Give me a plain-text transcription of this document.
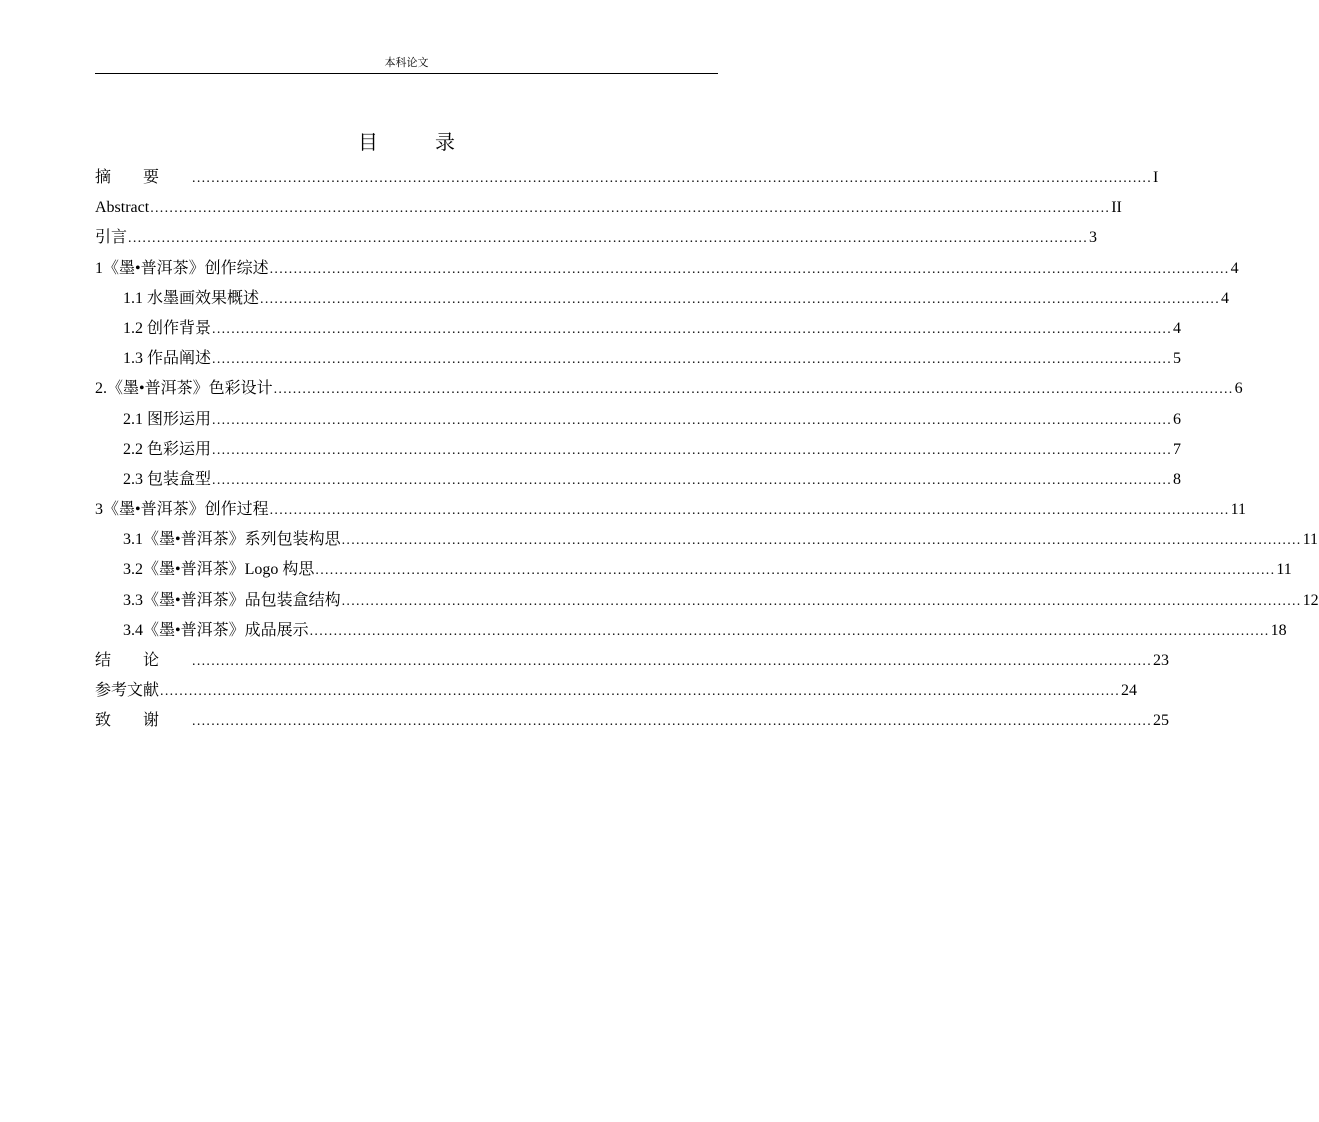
本科论文
目 录
摘要 ........................................................................................................................................................................................................ I
Abstract ........................................................................................................................................................................................................ II
引言 ........................................................................................................................................................................................................ 3
1《墨•普洱茶》创作综述 ........................................................................................................................................................................................................ 4
1.1 水墨画效果概述 ........................................................................................................................................................................................................ 4
1.2 创作背景 ........................................................................................................................................................................................................ 4
1.3 作品阐述 ........................................................................................................................................................................................................ 5
2.《墨•普洱茶》色彩设计 ........................................................................................................................................................................................................ 6
2.1 图形运用 ........................................................................................................................................................................................................ 6
2.2 色彩运用 ........................................................................................................................................................................................................ 7
2.3 包装盒型 ........................................................................................................................................................................................................ 8
3《墨•普洱茶》创作过程 ........................................................................................................................................................................................................ 11
3.1《墨•普洱茶》系列包装构思 ........................................................................................................................................................................................................ 11
3.2《墨•普洱茶》Logo 构思 ........................................................................................................................................................................................................ 11
3.3《墨•普洱茶》品包装盒结构 ........................................................................................................................................................................................................ 12
3.4《墨•普洱茶》成品展示 ........................................................................................................................................................................................................ 18
结论 ........................................................................................................................................................................................................ 23
参考文献 ........................................................................................................................................................................................................ 24
致谢 ........................................................................................................................................................................................................ 25
